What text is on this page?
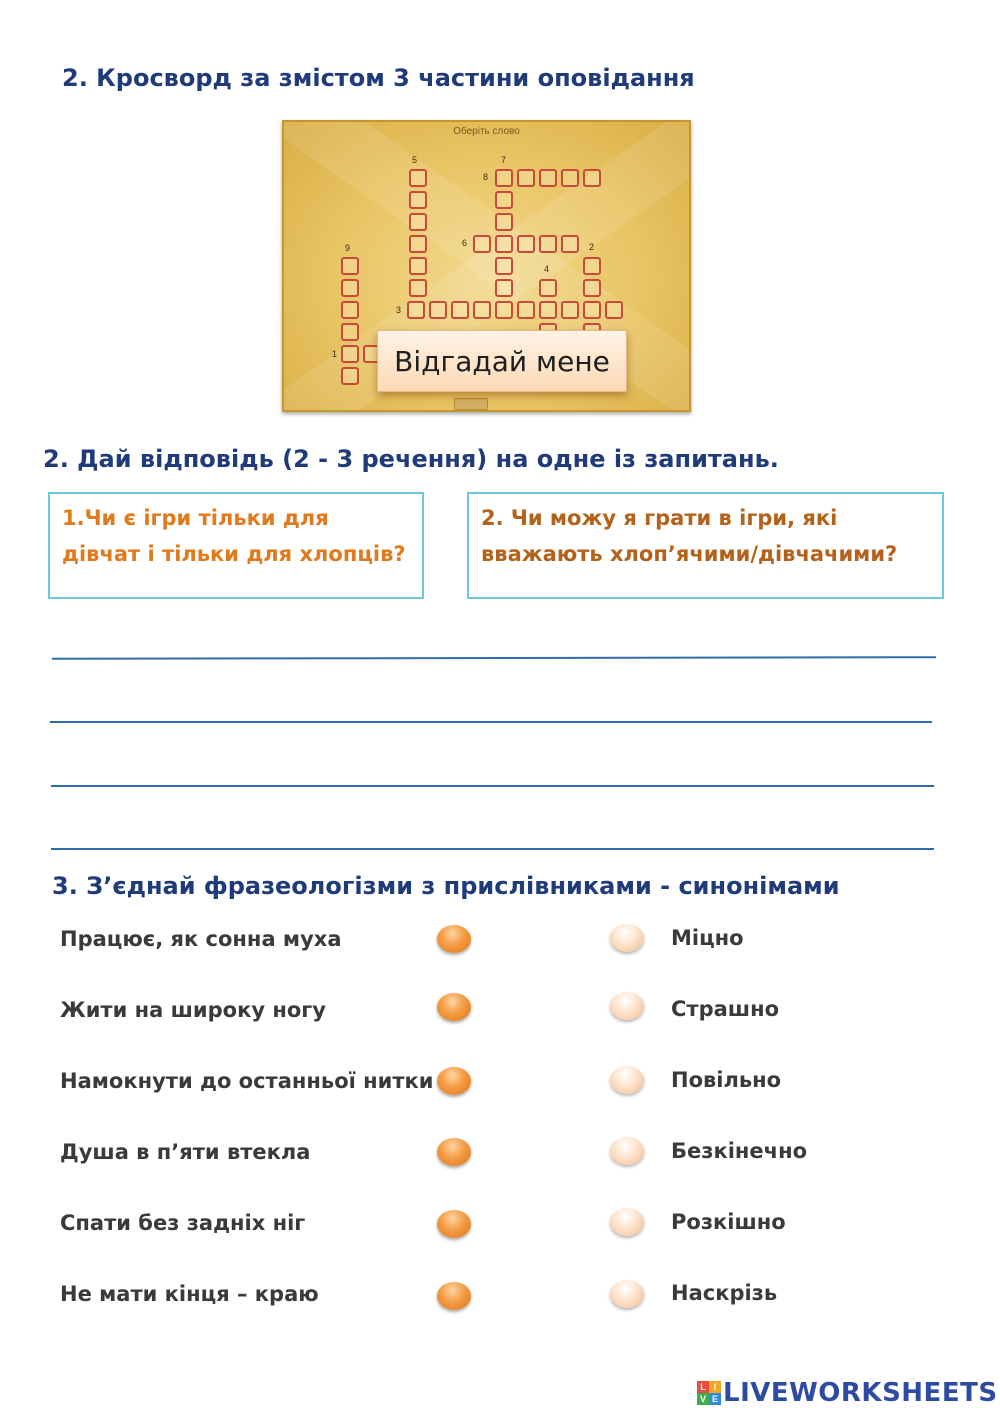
2. Кросворд за змістом 3 частини оповідання
Оберіть слово
1
2
3
4
5
6
7
8
9
Відгадай мене
2. Дай відповідь (2 - 3 речення) на одне із запитань.
1.Чи є ігри тільки для дівчат і тільки для хлопців?
2. Чи можу я грати в ігри, які вважають хлоп’ячими/дівчачими?
3. З’єднай фразеологізми з прислівниками - синонімами
Працює, як сонна муха
Жити на широку ногу
Намокнути до останньої нитки
Душа в п’яти втекла
Спати без задніх ніг
Не мати кінця – краю
Міцно
Страшно
Повільно
Безкінечно
Розкішно
Наскрізь
L I
V E LIVEWORKSHEETS
